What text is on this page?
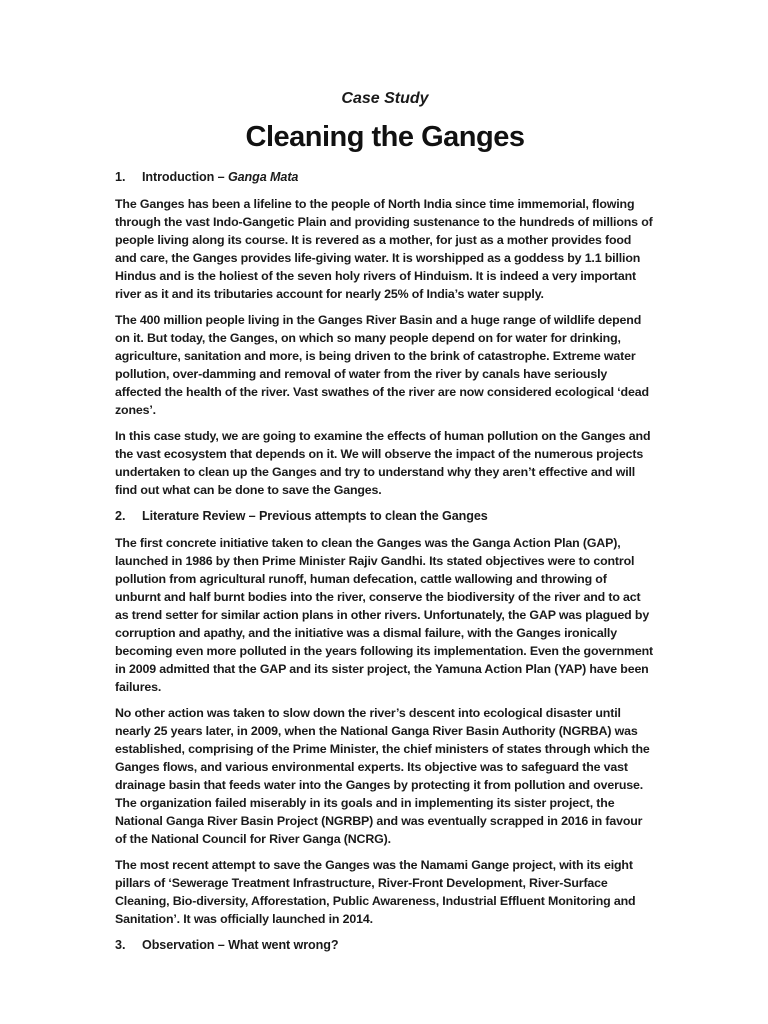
Case Study
Cleaning the Ganges
1.	Introduction – Ganga Mata

The Ganges has been a lifeline to the people of North India since time immemorial, flowing through the vast Indo-Gangetic Plain and providing sustenance to the hundreds of millions of people living along its course. It is revered as a mother, for just as a mother provides food and care, the Ganges provides life-giving water. It is worshipped as a goddess by 1.1 billion Hindus and is the holiest of the seven holy rivers of Hinduism. It is indeed a very important river as it and its tributaries account for nearly 25% of India’s water supply.

The 400 million people living in the Ganges River Basin and a huge range of wildlife depend on it. But today, the Ganges, on which so many people depend on for water for drinking, agriculture, sanitation and more, is being driven to the brink of catastrophe. Extreme water pollution, over-damming and removal of water from the river by canals have seriously affected the health of the river. Vast swathes of the river are now considered ecological ‘dead zones’.

In this case study, we are going to examine the effects of human pollution on the Ganges and the vast ecosystem that depends on it. We will observe the impact of the numerous projects undertaken to clean up the Ganges and try to understand why they aren’t effective and will find out what can be done to save the Ganges.

2.	Literature Review – Previous attempts to clean the Ganges

The first concrete initiative taken to clean the Ganges was the Ganga Action Plan (GAP), launched in 1986 by then Prime Minister Rajiv Gandhi. Its stated objectives were to control pollution from agricultural runoff, human defecation, cattle wallowing and throwing of unburnt and half burnt bodies into the river, conserve the biodiversity of the river and to act as trend setter for similar action plans in other rivers. Unfortunately, the GAP was plagued by corruption and apathy, and the initiative was a dismal failure, with the Ganges ironically becoming even more polluted in the years following its implementation. Even the government in 2009 admitted that the GAP and its sister project, the Yamuna Action Plan (YAP) have been failures.

No other action was taken to slow down the river’s descent into ecological disaster until nearly 25 years later, in 2009, when the National Ganga River Basin Authority (NGRBA) was established, comprising of the Prime Minister, the chief ministers of states through which the Ganges flows, and various environmental experts. Its objective was to safeguard the vast drainage basin that feeds water into the Ganges by protecting it from pollution and overuse. The organization failed miserably in its goals and in implementing its sister project, the National Ganga River Basin Project (NGRBP) and was eventually scrapped in 2016 in favour of the National Council for River Ganga (NCRG).

The most recent attempt to save the Ganges was the Namami Gange project, with its eight pillars of ‘Sewerage Treatment Infrastructure, River-Front Development, River-Surface Cleaning, Bio-diversity, Afforestation, Public Awareness, Industrial Effluent Monitoring and Sanitation’. It was officially launched in 2014.

3.	Observation – What went wrong?
